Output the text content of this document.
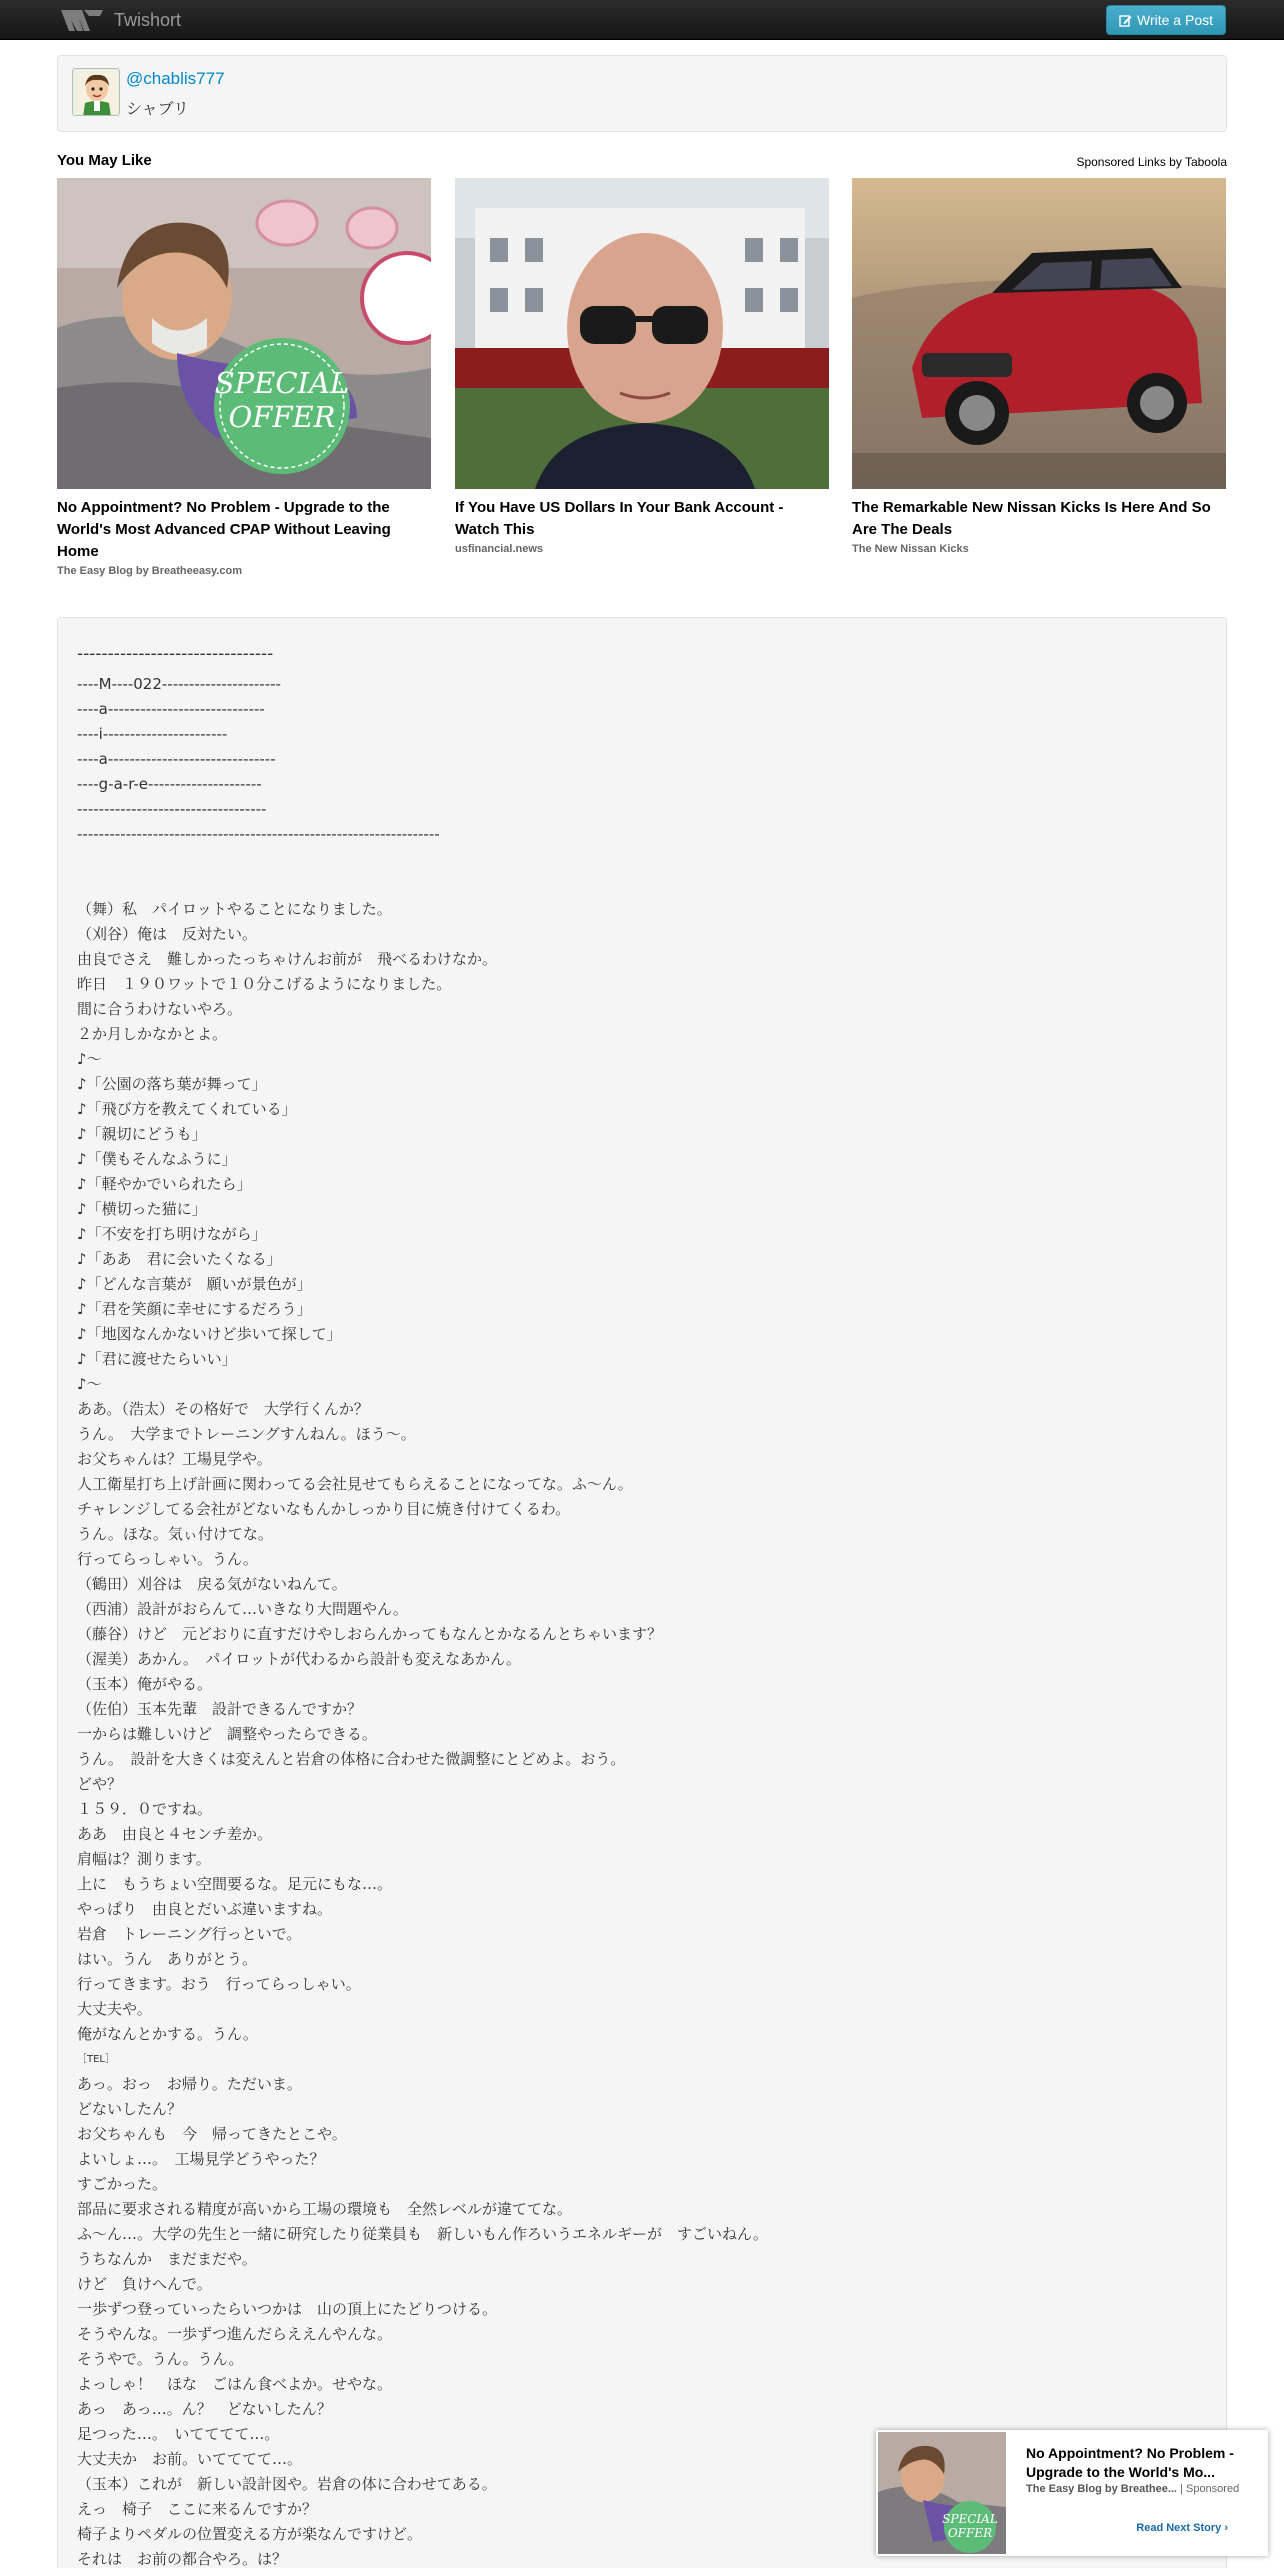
Twishort	Write a Post
@chablis777
シャブリ
You May Like	Sponsored Links by Taboola
No Appointment? No Problem - Upgrade to the World's Most Advanced CPAP Without Leaving Home
The Easy Blog by Breatheeasy.com
If You Have US Dollars In Your Bank Account - Watch This
usfinancial.news
The Remarkable New Nissan Kicks Is Here And So Are The Deals
The New Nissan Kicks
SPECIAL OFFER
--------------------------------
----M----022----------------------
----a-----------------------------
----i-----------------------
----a-------------------------------
----g-a-r-e---------------------
-----------------------------------
-------------------------------------------------------------------

（舞）私　パイロットやることになりました。
（刈谷）俺は　反対たい。
由良でさえ　難しかったっちゃけんお前が　飛べるわけなか。
昨日　１９０ワットで１０分こげるようになりました。
間に合うわけないやろ。
２か月しかなかとよ。
♪～
♪「公園の落ち葉が舞って」
♪「飛び方を教えてくれている」
♪「親切にどうも」
♪「僕もそんなふうに」
♪「軽やかでいられたら」
♪「横切った猫に」
♪「不安を打ち明けながら」
♪「ああ　君に会いたくなる」
♪「どんな言葉が　願いが景色が」
♪「君を笑顔に幸せにするだろう」
♪「地図なんかないけど歩いて探して」
♪「君に渡せたらいい」
♪～
ああ。（浩太）その格好で　大学行くんか？
うん。　大学までトレーニングすんねん。ほう～。
お父ちゃんは？工場見学や。
人工衛星打ち上げ計画に関わってる会社見せてもらえることになってな。ふ～ん。
チャレンジしてる会社がどないなもんかしっかり目に焼き付けてくるわ。
うん。ほな。気ぃ付けてな。
行ってらっしゃい。うん。
（鶴田）刈谷は　戻る気がないねんて。
（西浦）設計がおらんて…いきなり大問題やん。
（藤谷）けど　元どおりに直すだけやしおらんかってもなんとかなるんとちゃいます？
（渥美）あかん。　パイロットが代わるから設計も変えなあかん。
（玉本）俺がやる。
（佐伯）玉本先輩　設計できるんですか？
一からは難しいけど　調整やったらできる。
うん。　設計を大きくは変えんと岩倉の体格に合わせた微調整にとどめよ。おう。
どや？
１５９．０ですね。
ああ　由良と４センチ差か。
肩幅は？測ります。
上に　もうちょい空間要るな。足元にもな…。
やっぱり　由良とだいぶ違いますね。
岩倉　トレーニング行っといで。
はい。うん　ありがとう。
行ってきます。おう　行ってらっしゃい。
大丈夫や。
俺がなんとかする。うん。
［TEL］
あっ。おっ　お帰り。ただいま。
どないしたん？
お父ちゃんも　今　帰ってきたとこや。
よいしょ…。　工場見学どうやった？
すごかった。
部品に要求される精度が高いから工場の環境も　全然レベルが違ててな。
ふ～ん…。大学の先生と一緒に研究したり従業員も　新しいもん作ろいうエネルギーが　すごいねん。
うちなんか　まだまだや。
けど　負けへんで。
一歩ずつ登っていったらいつかは　山の頂上にたどりつける。
そうやんな。一歩ずつ進んだらええんやんな。
そうやで。うん。うん。
よっしゃ！　ほな　ごはん食べよか。せやな。
あっ　あっ…。ん？　どないしたん？
足つった…。　いてててて…。
大丈夫か　お前。いてててて…。
（玉本）これが　新しい設計図や。岩倉の体に合わせてある。
えっ　椅子　ここに来るんですか？
椅子よりペダルの位置変える方が楽なんですけど。
それは　お前の都合やろ。は？
SPECIAL OFFER
No Appointment? No Problem - Upgrade to the World's Mo...
The Easy Blog by Breathee... | Sponsored
Read Next Story ›
